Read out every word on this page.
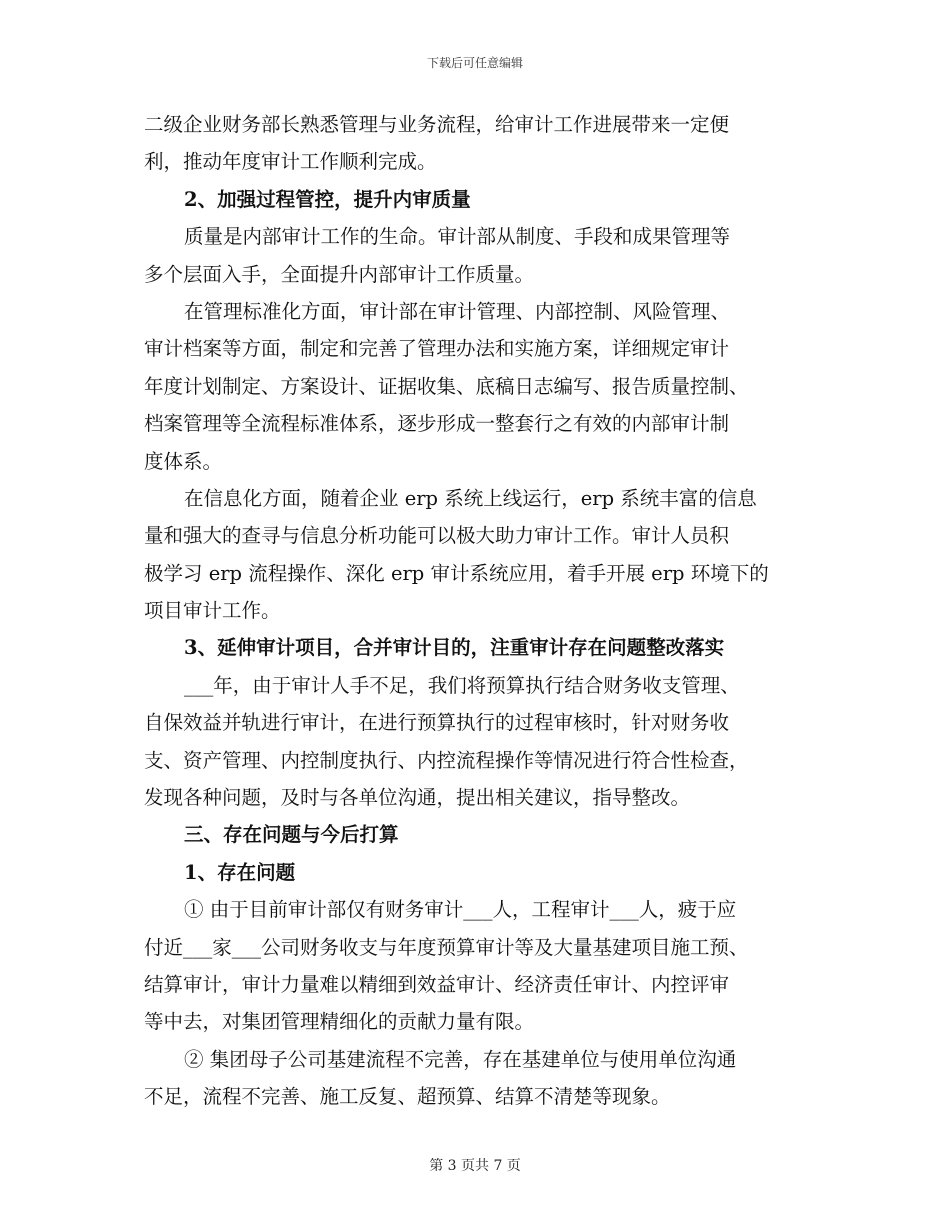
下载后可任意编辑
二级企业财务部长熟悉管理与业务流程，给审计工作进展带来一定便
利，推动年度审计工作顺利完成。
2、加强过程管控，提升内审质量
质量是内部审计工作的生命。审计部从制度、手段和成果管理等
多个层面入手，全面提升内部审计工作质量。
在管理标准化方面，审计部在审计管理、内部控制、风险管理、
审计档案等方面，制定和完善了管理办法和实施方案，详细规定审计
年度计划制定、方案设计、证据收集、底稿日志编写、报告质量控制、
档案管理等全流程标准体系，逐步形成一整套行之有效的内部审计制
度体系。
在信息化方面，随着企业 erp 系统上线运行，erp 系统丰富的信息
量和强大的查寻与信息分析功能可以极大助力审计工作。审计人员积
极学习 erp 流程操作、深化 erp 审计系统应用，着手开展 erp 环境下的
项目审计工作。
3、延伸审计项目，合并审计目的，注重审计存在问题整改落实
___年，由于审计人手不足，我们将预算执行结合财务收支管理、
自保效益并轨进行审计，在进行预算执行的过程审核时，针对财务收
支、资产管理、内控制度执行、内控流程操作等情况进行符合性检查，
发现各种问题，及时与各单位沟通，提出相关建议，指导整改。
三、存在问题与今后打算
1、存在问题
① 由于目前审计部仅有财务审计___人，工程审计___人，疲于应
付近___家___公司财务收支与年度预算审计等及大量基建项目施工预、
结算审计，审计力量难以精细到效益审计、经济责任审计、内控评审
等中去，对集团管理精细化的贡献力量有限。
② 集团母子公司基建流程不完善，存在基建单位与使用单位沟通
不足，流程不完善、施工反复、超预算、结算不清楚等现象。
第 3 页共 7 页
